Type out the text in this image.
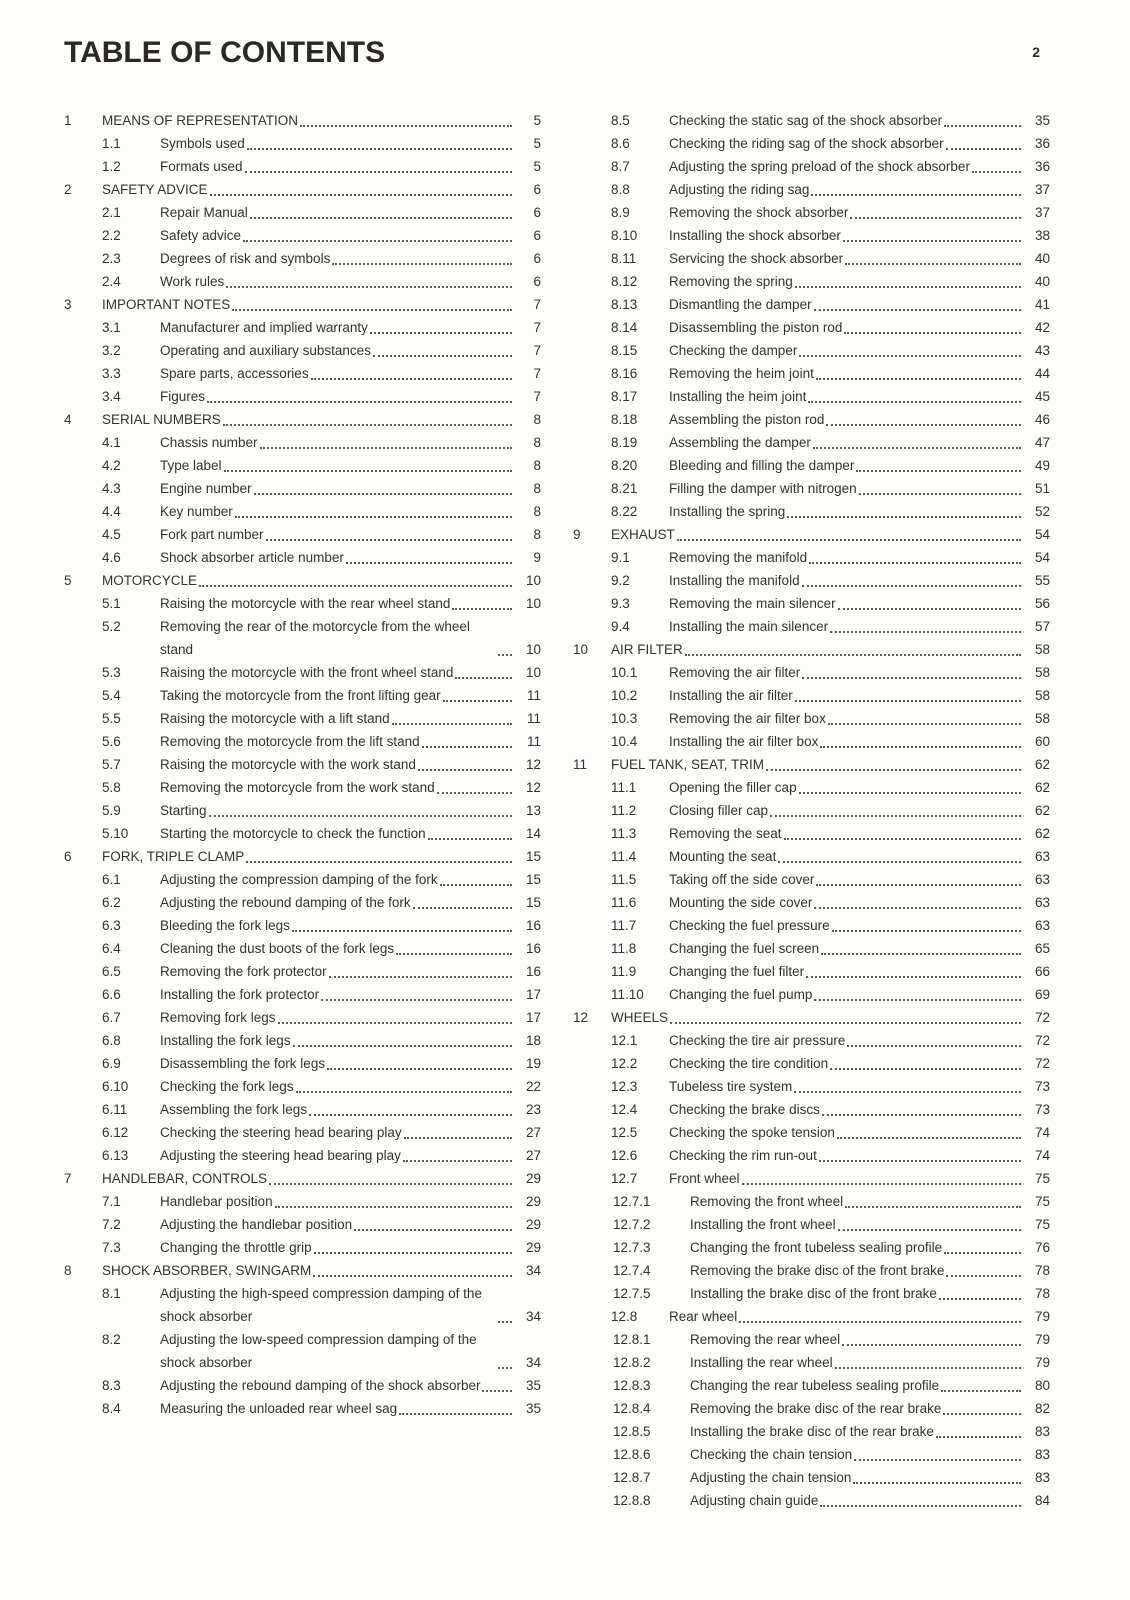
TABLE OF CONTENTS	2
1	MEANS OF REPRESENTATION	5
1.1	Symbols used	5
1.2	Formats used	5
2	SAFETY ADVICE	6
2.1	Repair Manual	6
2.2	Safety advice	6
2.3	Degrees of risk and symbols	6
2.4	Work rules	6
3	IMPORTANT NOTES	7
3.1	Manufacturer and implied warranty	7
3.2	Operating and auxiliary substances	7
3.3	Spare parts, accessories	7
3.4	Figures	7
4	SERIAL NUMBERS	8
4.1	Chassis number	8
4.2	Type label	8
4.3	Engine number	8
4.4	Key number	8
4.5	Fork part number	8
4.6	Shock absorber article number	9
5	MOTORCYCLE	10
5.1	Raising the motorcycle with the rear wheel stand	10
5.2	Removing the rear of the motorcycle from the wheel stand	10
5.3	Raising the motorcycle with the front wheel stand	10
5.4	Taking the motorcycle from the front lifting gear	11
5.5	Raising the motorcycle with a lift stand	11
5.6	Removing the motorcycle from the lift stand	11
5.7	Raising the motorcycle with the work stand	12
5.8	Removing the motorcycle from the work stand	12
5.9	Starting	13
5.10	Starting the motorcycle to check the function	14
6	FORK, TRIPLE CLAMP	15
6.1	Adjusting the compression damping of the fork	15
6.2	Adjusting the rebound damping of the fork	15
6.3	Bleeding the fork legs	16
6.4	Cleaning the dust boots of the fork legs	16
6.5	Removing the fork protector	16
6.6	Installing the fork protector	17
6.7	Removing fork legs	17
6.8	Installing the fork legs	18
6.9	Disassembling the fork legs	19
6.10	Checking the fork legs	22
6.11	Assembling the fork legs	23
6.12	Checking the steering head bearing play	27
6.13	Adjusting the steering head bearing play	27
7	HANDLEBAR, CONTROLS	29
7.1	Handlebar position	29
7.2	Adjusting the handlebar position	29
7.3	Changing the throttle grip	29
8	SHOCK ABSORBER, SWINGARM	34
8.1	Adjusting the high-speed compression damping of the shock absorber	34
8.2	Adjusting the low-speed compression damping of the shock absorber	34
8.3	Adjusting the rebound damping of the shock absorber	35
8.4	Measuring the unloaded rear wheel sag	35
8.5	Checking the static sag of the shock absorber	35
8.6	Checking the riding sag of the shock absorber	36
8.7	Adjusting the spring preload of the shock absorber	36
8.8	Adjusting the riding sag	37
8.9	Removing the shock absorber	37
8.10	Installing the shock absorber	38
8.11	Servicing the shock absorber	40
8.12	Removing the spring	40
8.13	Dismantling the damper	41
8.14	Disassembling the piston rod	42
8.15	Checking the damper	43
8.16	Removing the heim joint	44
8.17	Installing the heim joint	45
8.18	Assembling the piston rod	46
8.19	Assembling the damper	47
8.20	Bleeding and filling the damper	49
8.21	Filling the damper with nitrogen	51
8.22	Installing the spring	52
9	EXHAUST	54
9.1	Removing the manifold	54
9.2	Installing the manifold	55
9.3	Removing the main silencer	56
9.4	Installing the main silencer	57
10	AIR FILTER	58
10.1	Removing the air filter	58
10.2	Installing the air filter	58
10.3	Removing the air filter box	58
10.4	Installing the air filter box	60
11	FUEL TANK, SEAT, TRIM	62
11.1	Opening the filler cap	62
11.2	Closing filler cap	62
11.3	Removing the seat	62
11.4	Mounting the seat	63
11.5	Taking off the side cover	63
11.6	Mounting the side cover	63
11.7	Checking the fuel pressure	63
11.8	Changing the fuel screen	65
11.9	Changing the fuel filter	66
11.10	Changing the fuel pump	69
12	WHEELS	72
12.1	Checking the tire air pressure	72
12.2	Checking the tire condition	72
12.3	Tubeless tire system	73
12.4	Checking the brake discs	73
12.5	Checking the spoke tension	74
12.6	Checking the rim run-out	74
12.7	Front wheel	75
12.7.1	Removing the front wheel	75
12.7.2	Installing the front wheel	75
12.7.3	Changing the front tubeless sealing profile	76
12.7.4	Removing the brake disc of the front brake	78
12.7.5	Installing the brake disc of the front brake	78
12.8	Rear wheel	79
12.8.1	Removing the rear wheel	79
12.8.2	Installing the rear wheel	79
12.8.3	Changing the rear tubeless sealing profile	80
12.8.4	Removing the brake disc of the rear brake	82
12.8.5	Installing the brake disc of the rear brake	83
12.8.6	Checking the chain tension	83
12.8.7	Adjusting the chain tension	83
12.8.8	Adjusting chain guide	84
